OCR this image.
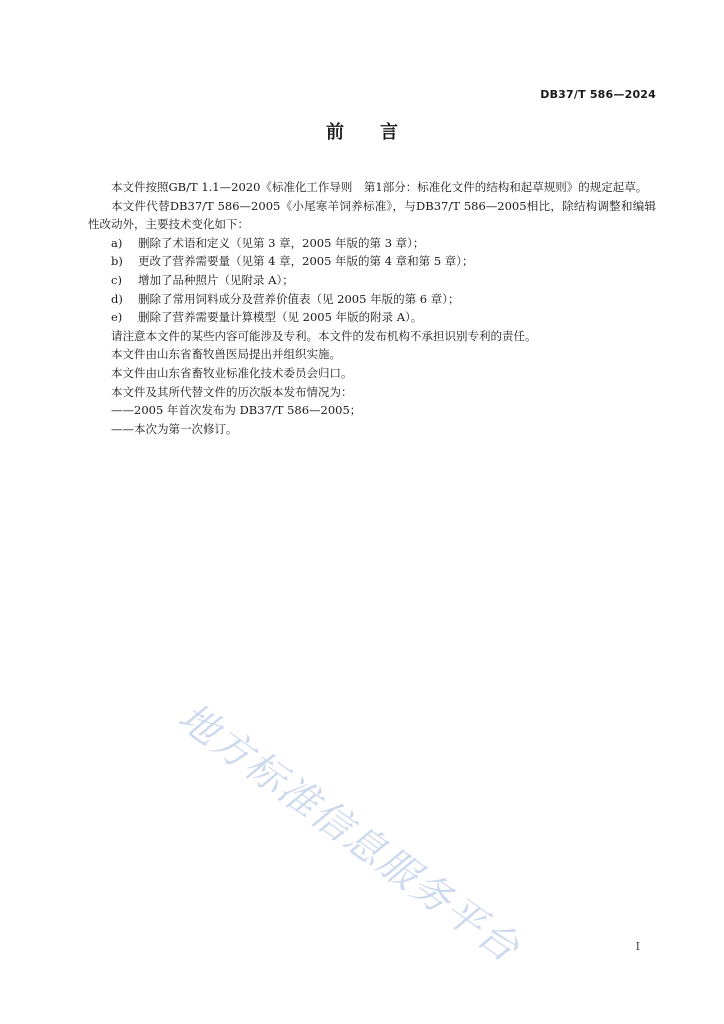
DB37/T 586—2024
前言

本文件按照GB/T 1.1—2020《标准化工作导则　第1部分：标准化文件的结构和起草规则》的规定起草。

本文件代替DB37/T 586—2005《小尾寒羊饲养标准》，与DB37/T 586—2005相比，除结构调整和编辑性改动外，主要技术变化如下：

a)	删除了术语和定义（见第 3 章，2005 年版的第 3 章）；

b)	更改了营养需要量（见第 4 章，2005 年版的第 4 章和第 5 章）；

c)	增加了品种照片（见附录 A）；

d)	删除了常用饲料成分及营养价值表（见 2005 年版的第 6 章）；

e)	删除了营养需要量计算模型（见 2005 年版的附录 A）。

请注意本文件的某些内容可能涉及专利。本文件的发布机构不承担识别专利的责任。

本文件由山东省畜牧兽医局提出并组织实施。

本文件由山东省畜牧业标准化技术委员会归口。

本文件及其所代替文件的历次版本发布情况为：

——2005 年首次发布为 DB37/T 586—2005；

——本次为第一次修订。

地方标准信息服务平台	I
